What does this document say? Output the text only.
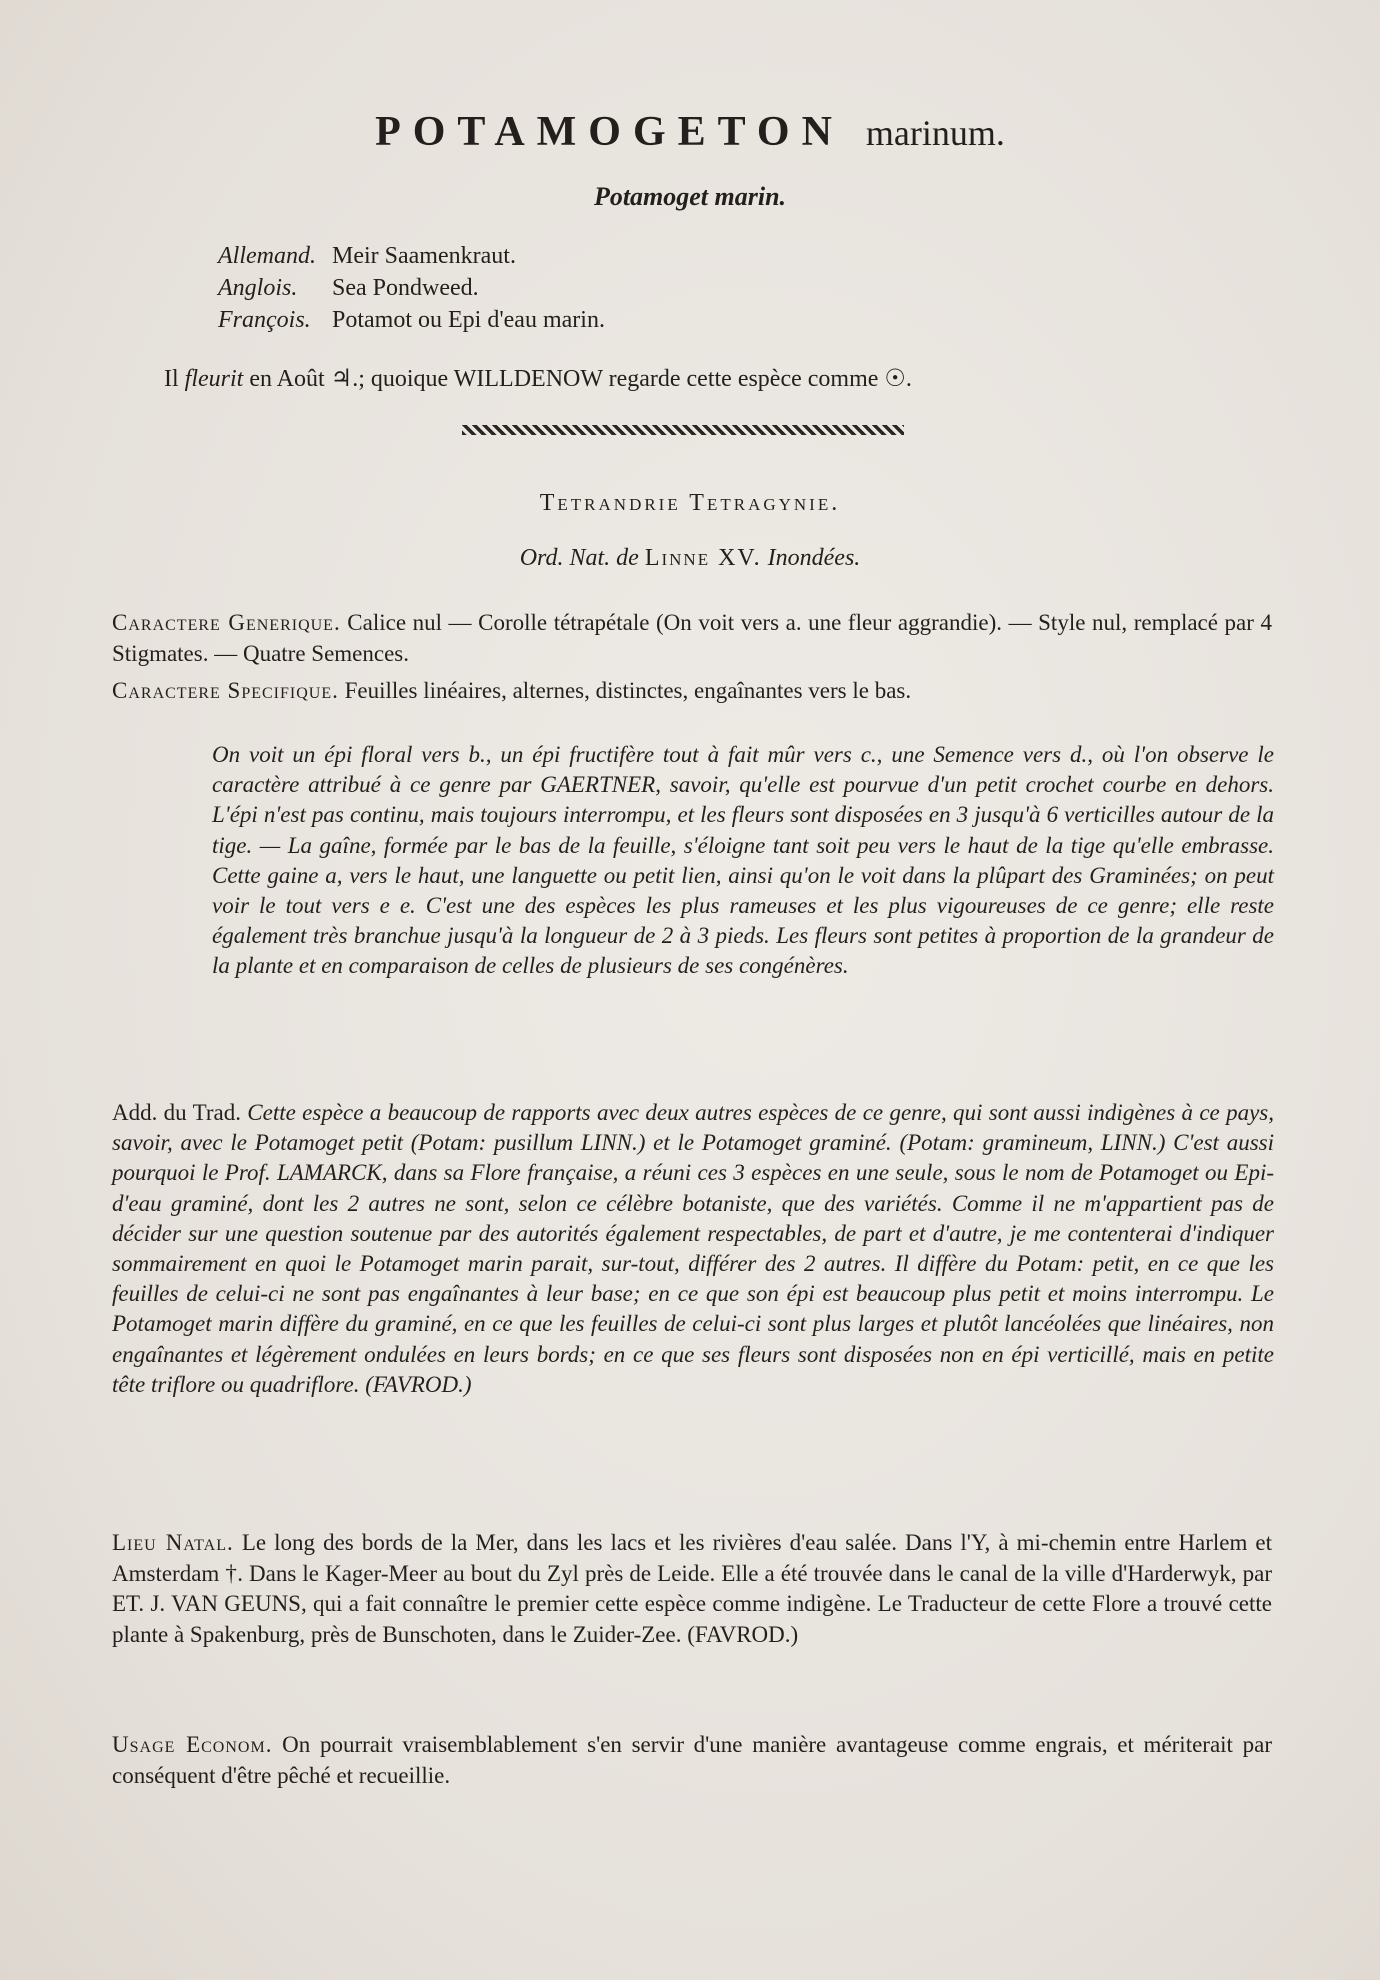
POTAMOGETON marinum.
Potamoget marin.
Allemand. Meir Saamenkraut.
Anglois. Sea Pondweed.
François. Potamot ou Epi d'eau marin.
Il fleurit en Août ♃.; quoique WILLDENOW regarde cette espèce comme ☉.
Tetrandrie Tetragynie.
Ord. Nat. de Linne XV. Inondées.
Caractere Generique. Calice nul — Corolle tétrapétale (On voit vers a. une fleur aggrandie). — Style nul, remplacé par 4 Stigmates. — Quatre Semences.
Caractere Specifique. Feuilles linéaires, alternes, distinctes, engaînantes vers le bas.
On voit un épi floral vers b., un épi fructifère tout à fait mûr vers c., une Semence vers d., où l'on observe le caractère attribué à ce genre par GAERTNER, savoir, qu'elle est pourvue d'un petit crochet courbe en dehors. L'épi n'est pas continu, mais toujours interrompu, et les fleurs sont disposées en 3 jusqu'à 6 verticilles autour de la tige. — La gaîne, formée par le bas de la feuille, s'éloigne tant soit peu vers le haut de la tige qu'elle embrasse. Cette gaine a, vers le haut, une languette ou petit lien, ainsi qu'on le voit dans la plûpart des Graminées; on peut voir le tout vers e e. C'est une des espèces les plus rameuses et les plus vigoureuses de ce genre; elle reste également très branchue jusqu'à la longueur de 2 à 3 pieds. Les fleurs sont petites à proportion de la grandeur de la plante et en comparaison de celles de plusieurs de ses congénères.
Add. du Trad. Cette espèce a beaucoup de rapports avec deux autres espèces de ce genre, qui sont aussi indigènes à ce pays, savoir, avec le Potamoget petit (Potam: pusillum LINN.) et le Potamoget graminé. (Potam: gramineum, LINN.) C'est aussi pourquoi le Prof. LAMARCK, dans sa Flore française, a réuni ces 3 espèces en une seule, sous le nom de Potamoget ou Epi-d'eau graminé, dont les 2 autres ne sont, selon ce célèbre botaniste, que des variétés. Comme il ne m'appartient pas de décider sur une question soutenue par des autorités également respectables, de part et d'autre, je me contenterai d'indiquer sommairement en quoi le Potamoget marin parait, sur-tout, différer des 2 autres. Il diffère du Potam: petit, en ce que les feuilles de celui-ci ne sont pas engaînantes à leur base; en ce que son épi est beaucoup plus petit et moins interrompu. Le Potamoget marin diffère du graminé, en ce que les feuilles de celui-ci sont plus larges et plutôt lancéolées que linéaires, non engaînantes et légèrement ondulées en leurs bords; en ce que ses fleurs sont disposées non en épi verticillé, mais en petite tête triflore ou quadriflore. (FAVROD.)
Lieu Natal. Le long des bords de la Mer, dans les lacs et les rivières d'eau salée. Dans l'Y, à mi-chemin entre Harlem et Amsterdam †. Dans le Kager-Meer au bout du Zyl près de Leide. Elle a été trouvée dans le canal de la ville d'Harderwyk, par ET. J. VAN GEUNS, qui a fait connaître le premier cette espèce comme indigène. Le Traducteur de cette Flore a trouvé cette plante à Spakenburg, près de Bunschoten, dans le Zuider-Zee. (FAVROD.)
Usage Econom. On pourrait vraisemblablement s'en servir d'une manière avantageuse comme engrais, et mériterait par conséquent d'être pêché et recueillie.
